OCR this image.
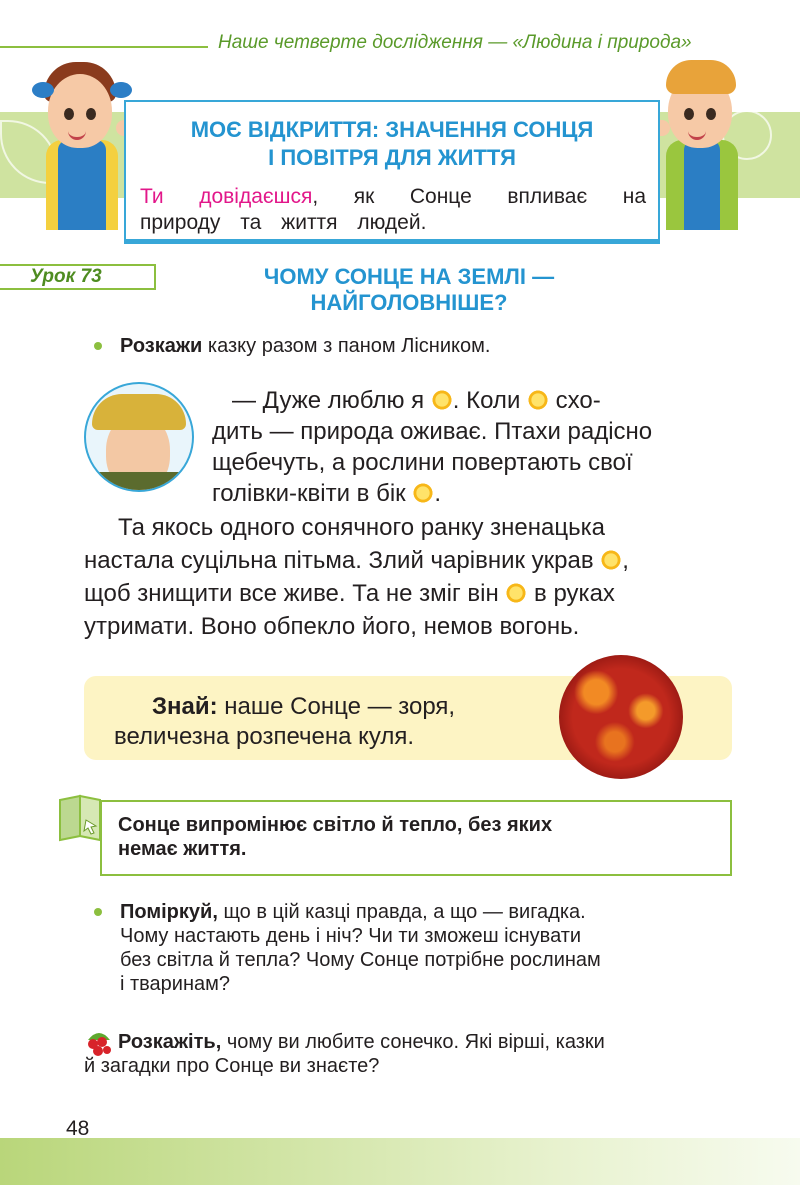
Наше четверте дослідження — «Людина і природа»
МОЄ ВІДКРИТТЯ: ЗНАЧЕННЯ СОНЦЯ
І ПОВІТРЯ ДЛЯ ЖИТТЯ
Ти довідаєшся, як Сонце впливає на
природу та життя людей.
Урок 73	ЧОМУ СОНЦЕ НА ЗЕМЛІ —
НАЙГОЛОВНІШЕ?
Розкажи казку разом з паном Лісником.
— Дуже люблю я . Коли  схо-
дить — природа оживає. Птахи радісно
щебечуть, а рослини повертають свої
голівки-квіти в бік .
Та якось одного сонячного ранку зненацька
настала суцільна пітьма. Злий чарівник украв ,
щоб знищити все живе. Та не зміг він  в руках
утримати. Воно обпекло його, немов вогонь.
Знай: наше Сонце — зоря,
величезна розпечена куля.
Сонце випромінює світло й тепло, без яких
немає життя.
Поміркуй, що в цій казці правда, а що — вигадка.
Чому настають день і ніч? Чи ти зможеш існувати
без світла й тепла? Чому Сонце потрібне рослинам
і тваринам?
Розкажіть, чому ви любите сонечко. Які вірші, казки
й загадки про Сонце ви знаєте?
48
